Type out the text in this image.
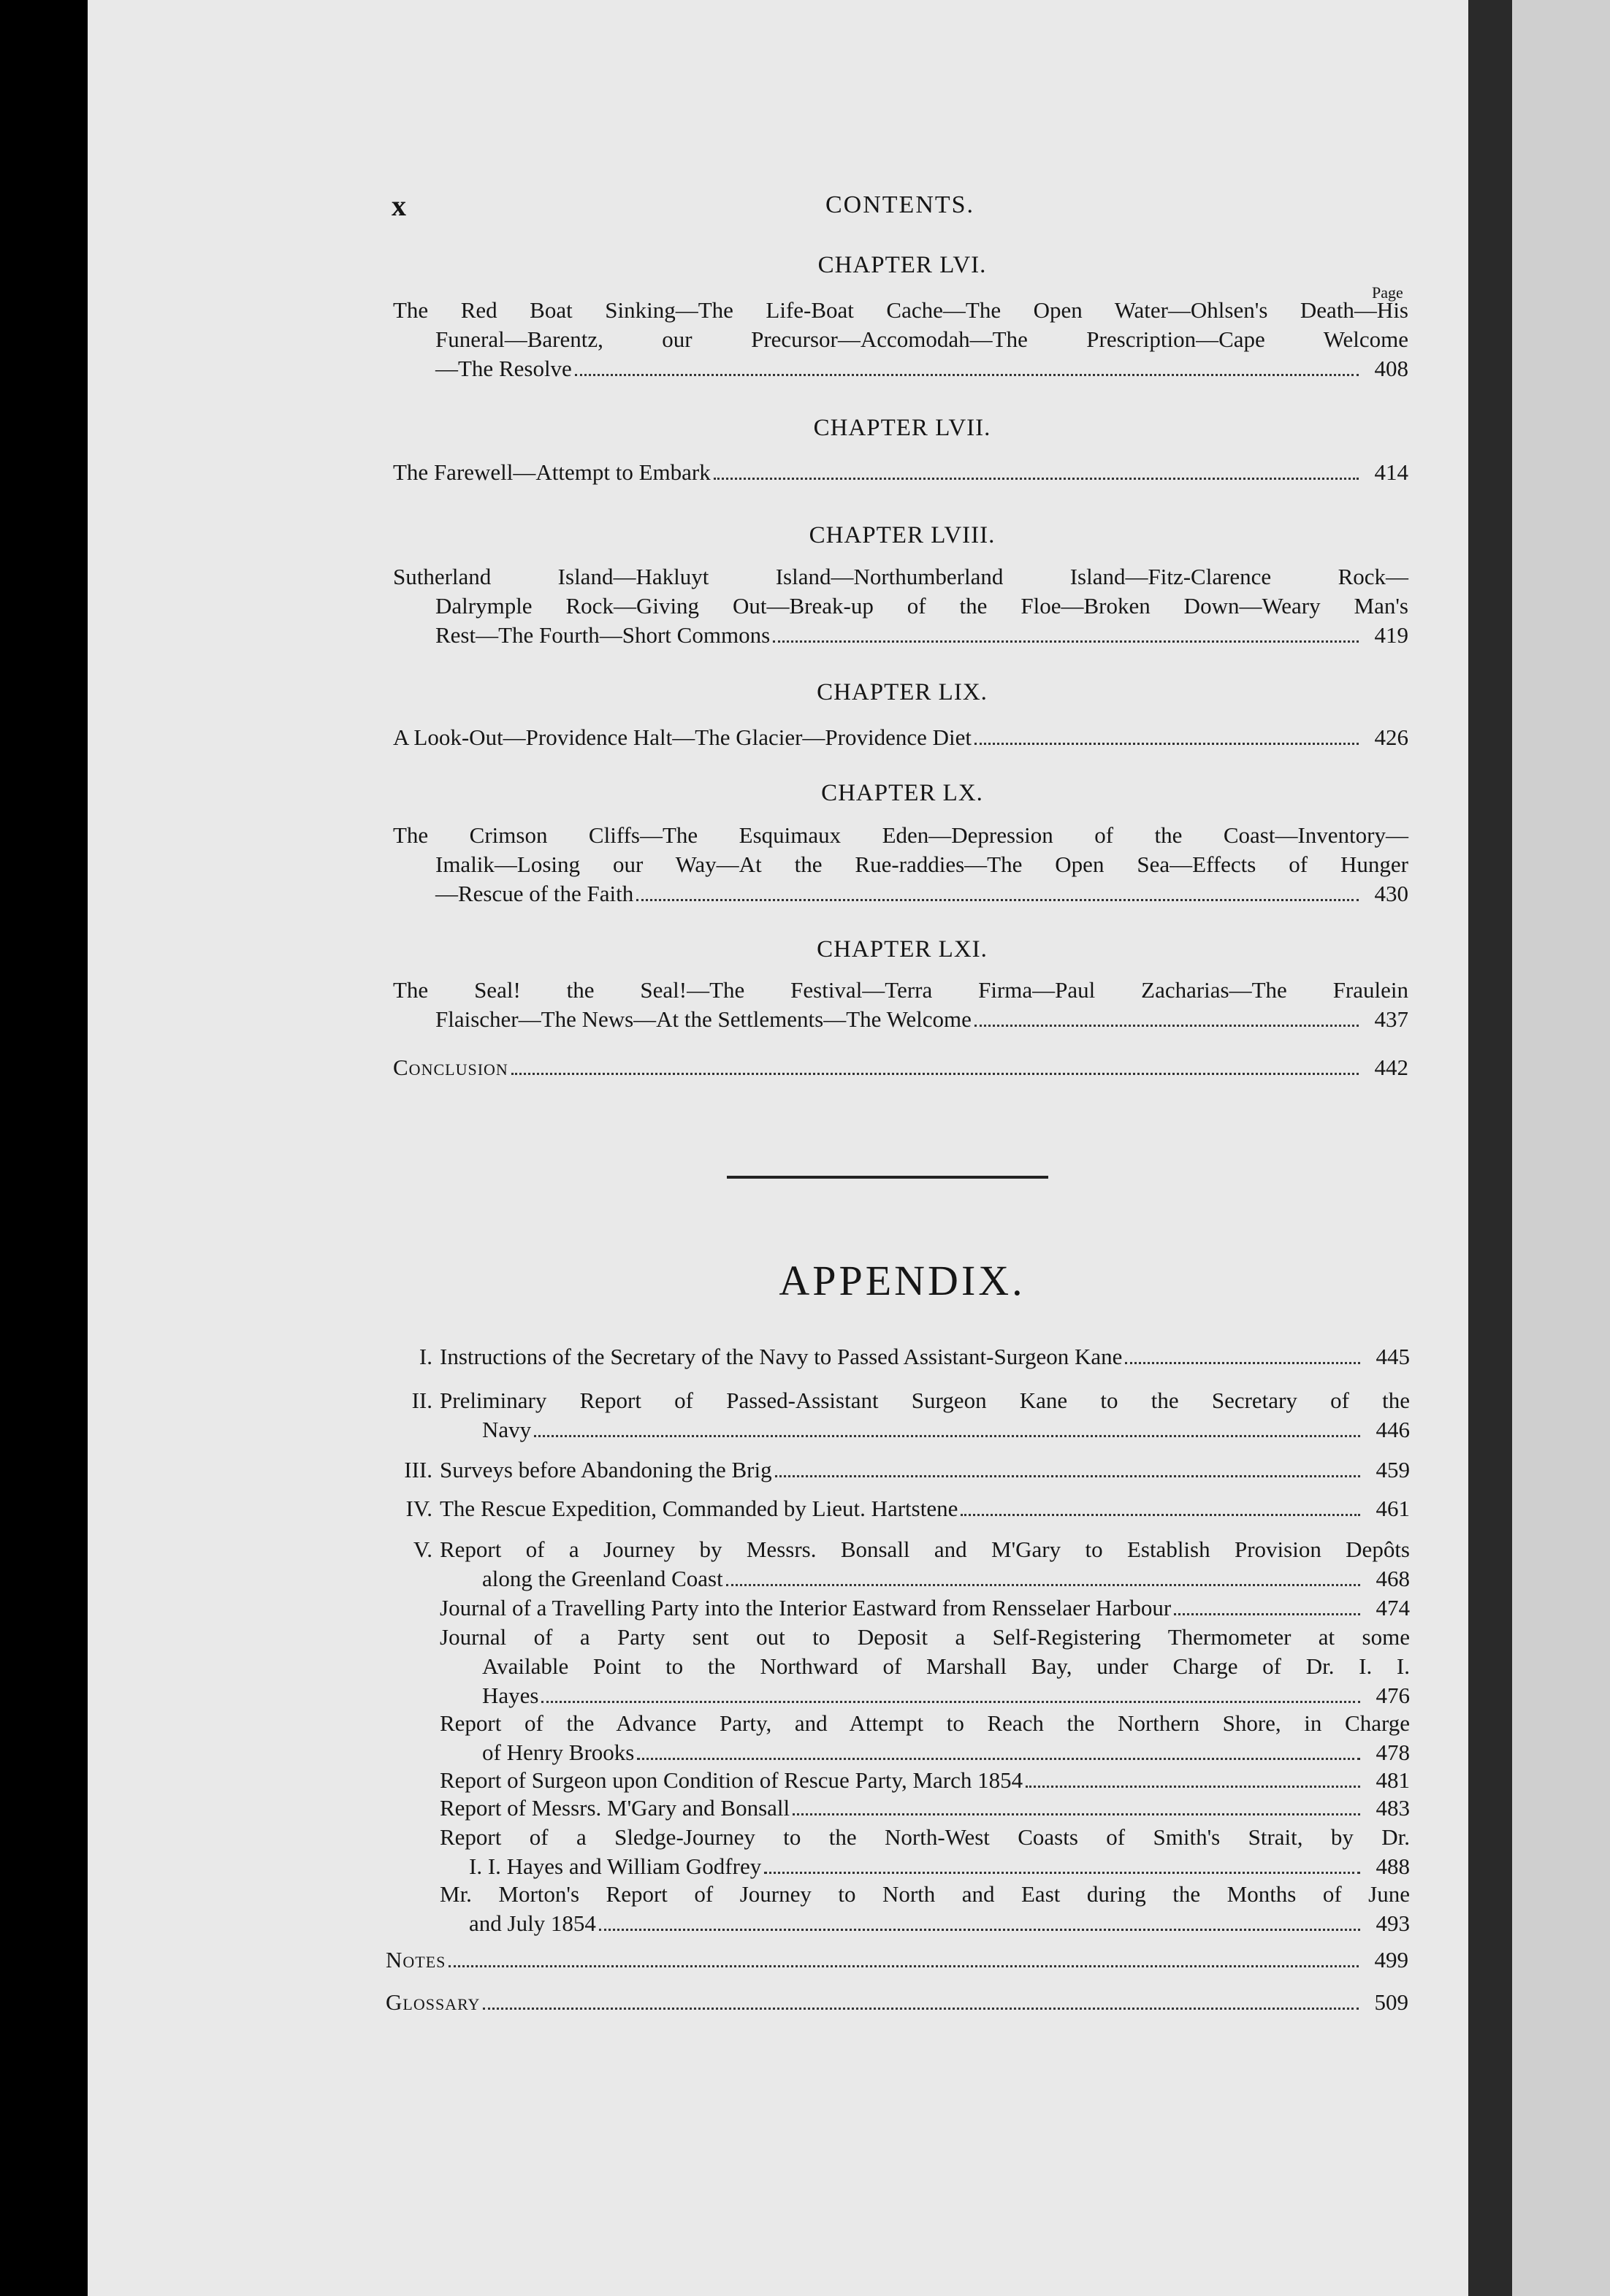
x	CONTENTS.
Page
CHAPTER LVI.
The Red Boat Sinking—The Life-Boat Cache—The Open Water—Ohlsen's Death—His
Funeral—Barentz, our Precursor—Accomodah—The Prescription—Cape Welcome
—The Resolve	408
CHAPTER LVII.
The Farewell—Attempt to Embark	414
CHAPTER LVIII.
Sutherland Island—Hakluyt Island—Northumberland Island—Fitz-Clarence Rock—
Dalrymple Rock—Giving Out—Break-up of the Floe—Broken Down—Weary Man's
Rest—The Fourth—Short Commons	419
CHAPTER LIX.
A Look-Out—Providence Halt—The Glacier—Providence Diet	426
CHAPTER LX.
The Crimson Cliffs—The Esquimaux Eden—Depression of the Coast—Inventory—
Imalik—Losing our Way—At the Rue-raddies—The Open Sea—Effects of Hunger
—Rescue of the Faith	430
CHAPTER LXI.
The Seal! the Seal!—The Festival—Terra Firma—Paul Zacharias—The Fraulein
Flaischer—The News—At the Settlements—The Welcome	437
Conclusion	442
APPENDIX.
I. Instructions of the Secretary of the Navy to Passed Assistant-Surgeon Kane	445
II. Preliminary Report of Passed-Assistant Surgeon Kane to the Secretary of the
Navy	446
III. Surveys before Abandoning the Brig	459
IV. The Rescue Expedition, Commanded by Lieut. Hartstene	461
V. Report of a Journey by Messrs. Bonsall and M'Gary to Establish Provision Depôts
along the Greenland Coast	468
Journal of a Travelling Party into the Interior Eastward from Rensselaer Harbour	474
Journal of a Party sent out to Deposit a Self-Registering Thermometer at some
Available Point to the Northward of Marshall Bay, under Charge of Dr. I. I.
Hayes	476
Report of the Advance Party, and Attempt to Reach the Northern Shore, in Charge
of Henry Brooks	478
Report of Surgeon upon Condition of Rescue Party, March 1854	481
Report of Messrs. M'Gary and Bonsall	483
Report of a Sledge-Journey to the North-West Coasts of Smith's Strait, by Dr.
I. I. Hayes and William Godfrey	488
Mr. Morton's Report of Journey to North and East during the Months of June
and July 1854	493
Notes	499
Glossary	509
